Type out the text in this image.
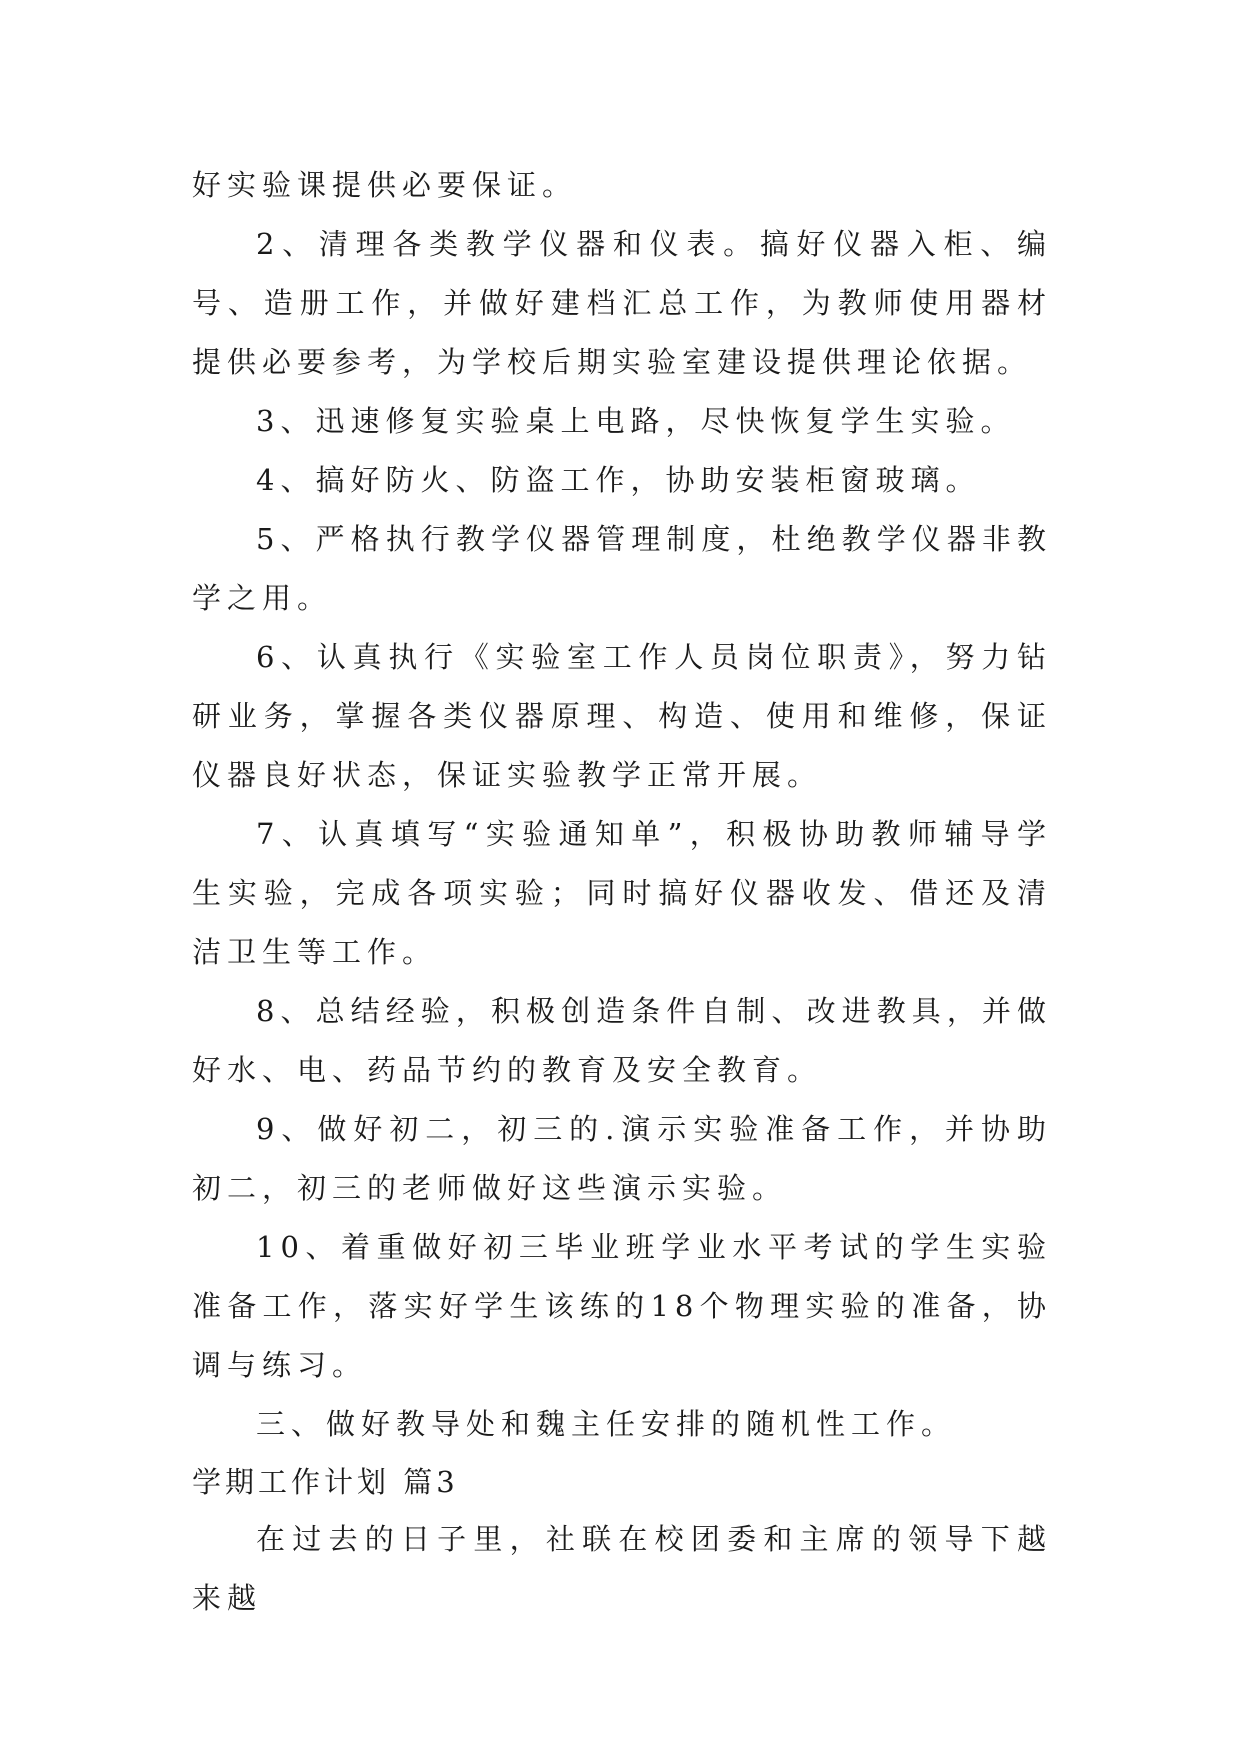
好实验课提供必要保证。

2、清理各类教学仪器和仪表。搞好仪器入柜、编号、造册工作，并做好建档汇总工作，为教师使用器材提供必要参考，为学校后期实验室建设提供理论依据。

3、迅速修复实验桌上电路，尽快恢复学生实验。

4、搞好防火、防盗工作，协助安装柜窗玻璃。

5、严格执行教学仪器管理制度，杜绝教学仪器非教学之用。

6、认真执行《实验室工作人员岗位职责》，努力钻研业务，掌握各类仪器原理、构造、使用和维修，保证仪器良好状态，保证实验教学正常开展。

7、认真填写“实验通知单”，积极协助教师辅导学生实验，完成各项实验；同时搞好仪器收发、借还及清洁卫生等工作。

8、总结经验，积极创造条件自制、改进教具，并做好水、电、药品节约的教育及安全教育。

9、做好初二，初三的.演示实验准备工作，并协助初二，初三的老师做好这些演示实验。

10、着重做好初三毕业班学业水平考试的学生实验准备工作，落实好学生该练的18个物理实验的准备，协调与练习。

三、做好教导处和魏主任安排的随机性工作。

学期工作计划 篇3

在过去的日子里，社联在校团委和主席的领导下越来越
